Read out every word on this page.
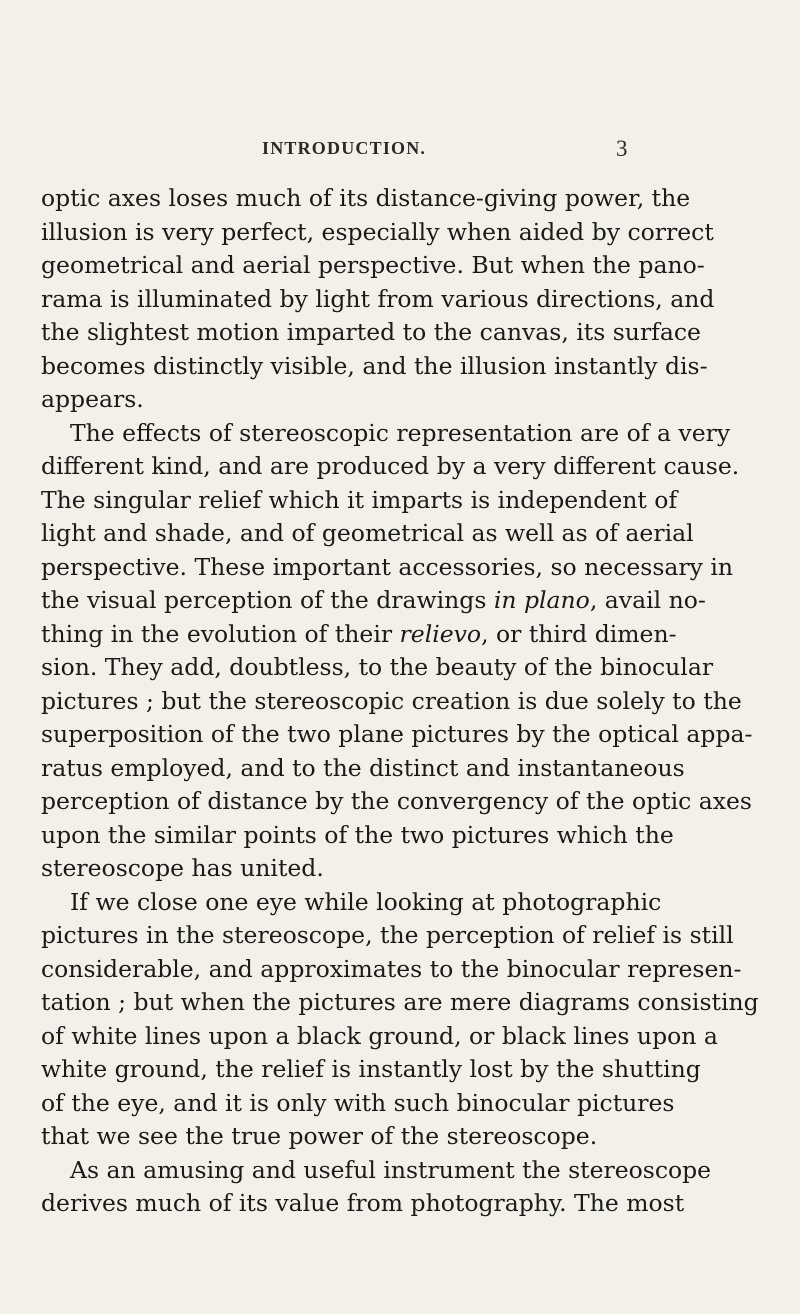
INTRODUCTION.	3
optic axes loses much of its distance-giving power, the
illusion is very perfect, especially when aided by correct
geometrical and aerial perspective. But when the pano-
rama is illuminated by light from various directions, and
the slightest motion imparted to the canvas, its surface
becomes distinctly visible, and the illusion instantly dis-
appears.
The effects of stereoscopic representation are of a very
different kind, and are produced by a very different cause.
The singular relief which it imparts is independent of
light and shade, and of geometrical as well as of aerial
perspective. These important accessories, so necessary in
the visual perception of the drawings in plano, avail no-
thing in the evolution of their relievo, or third dimen-
sion. They add, doubtless, to the beauty of the binocular
pictures ; but the stereoscopic creation is due solely to the
superposition of the two plane pictures by the optical appa-
ratus employed, and to the distinct and instantaneous
perception of distance by the convergency of the optic axes
upon the similar points of the two pictures which the
stereoscope has united.
If we close one eye while looking at photographic
pictures in the stereoscope, the perception of relief is still
considerable, and approximates to the binocular represen-
tation ; but when the pictures are mere diagrams consisting
of white lines upon a black ground, or black lines upon a
white ground, the relief is instantly lost by the shutting
of the eye, and it is only with such binocular pictures
that we see the true power of the stereoscope.
As an amusing and useful instrument the stereoscope
derives much of its value from photography. The most
